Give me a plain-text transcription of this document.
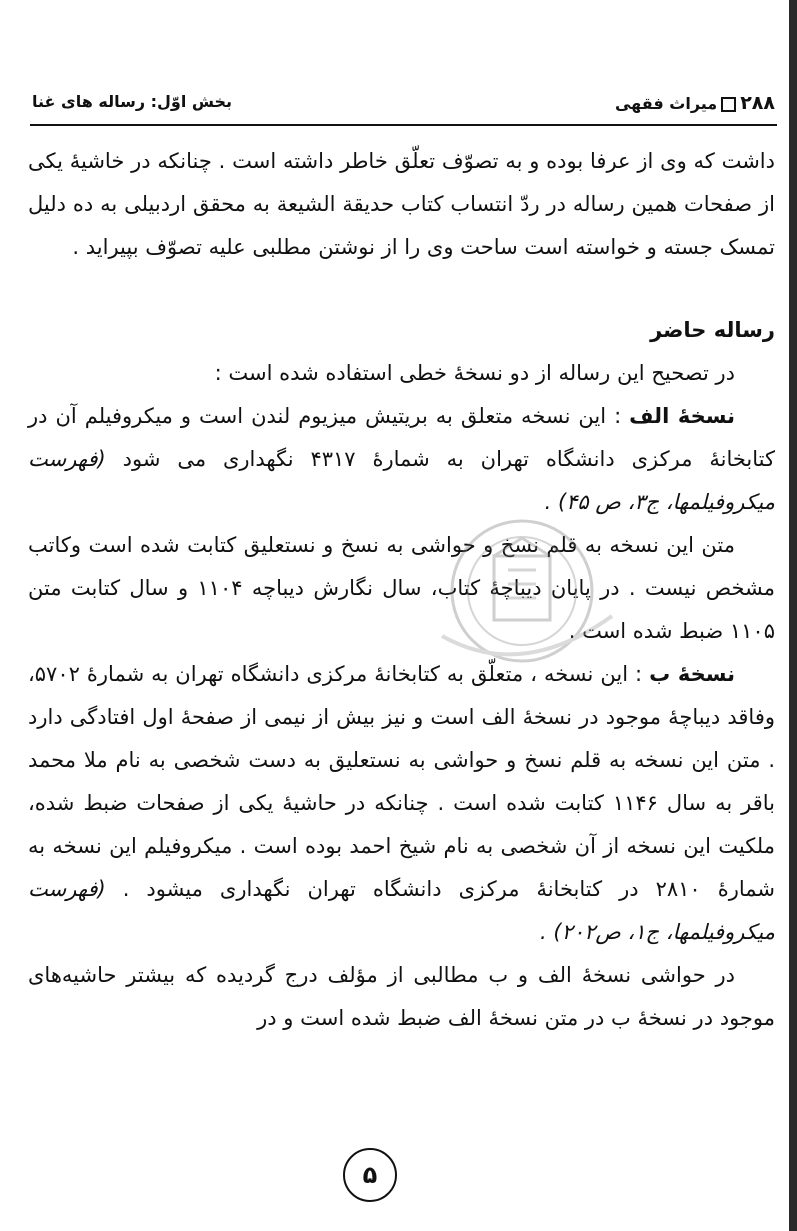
۲۸۸میراث فقهی
بخش اوّل: رساله های غنا

داشت که وی از عرفا بوده و به تصوّف تعلّق خاطر داشته است . چنانکه در خاشیهٔ یکی از صفحات همین رساله در ردّ انتساب کتاب حدیقة الشیعة به محقق اردبیلی به ده دلیل تمسک جسته و خواسته است ساحت وی را از نوشتن مطلبی علیه تصوّف بپیراید .

رساله حاضر

در تصحیح این رساله از دو نسخهٔ خطی استفاده شده است :

نسخهٔ الف : این نسخه متعلق به بریتیش میزیوم لندن است و میکروفیلم آن در کتابخانهٔ مرکزی دانشگاه تهران به شمارهٔ ۴۳۱۷ نگهداری می شود (فهرست میکروفیلمها، ج۳، ص ۴۵) .

متن این نسخه به قلم نسخ و حواشی به نسخ و نستعلیق کتابت شده است وکاتب مشخص نیست . در پایان دیباچهٔ کتاب، سال نگارش دیباچه ۱۱۰۴ و سال کتابت متن ۱۱۰۵ ضبط شده است .

نسخهٔ ب : این نسخه ، متعلّق به کتابخانهٔ مرکزی دانشگاه تهران به شمارهٔ ۵۷۰۲، وفاقد دیباچهٔ موجود در نسخهٔ الف است و نیز بیش از نیمی از صفحهٔ اول افتادگی دارد . متن این نسخه به قلم نسخ و حواشی به نستعلیق به دست شخصی به نام ملا محمد باقر به سال ۱۱۴۶ کتابت شده است . چنانکه در حاشیهٔ یکی از صفحات ضبط شده، ملکیت این نسخه از آن شخصی به نام شیخ احمد بوده است . میکروفیلم این نسخه به شمارهٔ ۲۸۱۰ در کتابخانهٔ مرکزی دانشگاه تهران نگهداری میشود . (فهرست میکروفیلمها، ج۱، ص۲۰۲) .

در حواشی نسخهٔ الف و ب مطالبی از مؤلف درج گردیده که بیشتر حاشیه‌های موجود در نسخهٔ ب در متن نسخهٔ الف ضبط شده است و در

۵
